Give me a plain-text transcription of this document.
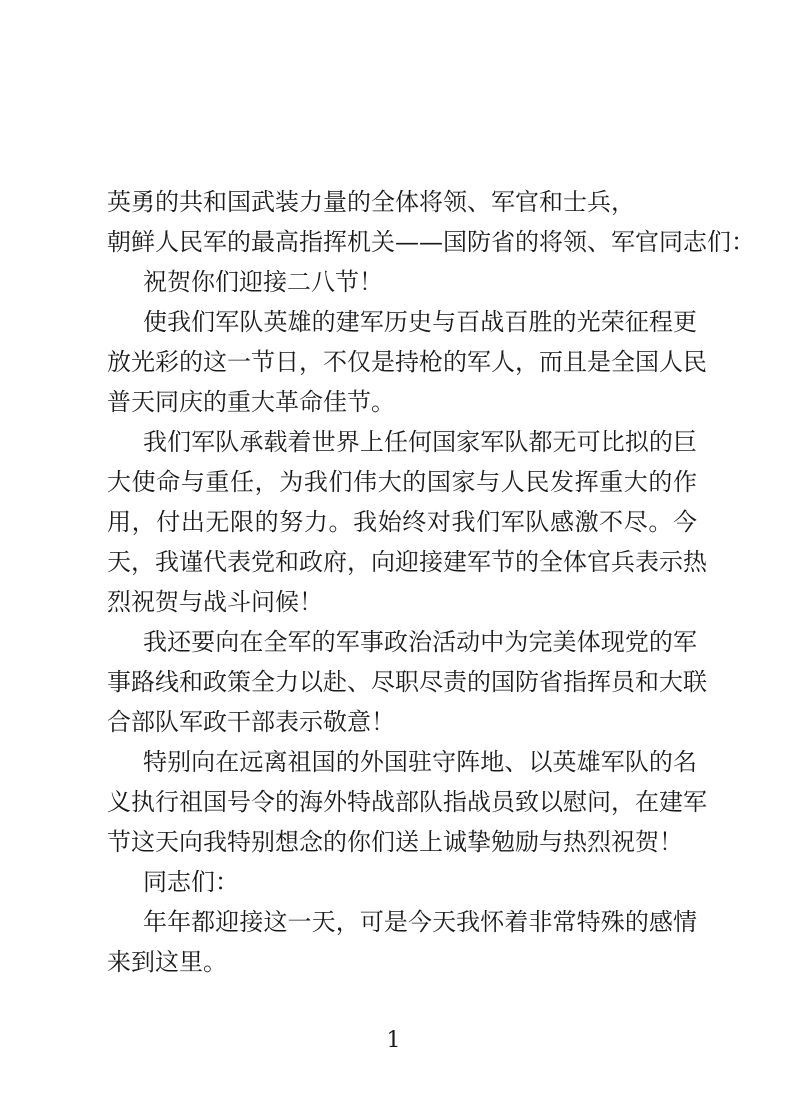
英勇的共和国武装力量的全体将领、军官和士兵，
朝鲜人民军的最高指挥机关——国防省的将领、军官同志们：
祝贺你们迎接二八节！
使我们军队英雄的建军历史与百战百胜的光荣征程更
放光彩的这一节日，不仅是持枪的军人，而且是全国人民
普天同庆的重大革命佳节。
我们军队承载着世界上任何国家军队都无可比拟的巨
大使命与重任，为我们伟大的国家与人民发挥重大的作
用，付出无限的努力。我始终对我们军队感激不尽。今
天，我谨代表党和政府，向迎接建军节的全体官兵表示热
烈祝贺与战斗问候！
我还要向在全军的军事政治活动中为完美体现党的军
事路线和政策全力以赴、尽职尽责的国防省指挥员和大联
合部队军政干部表示敬意！
特别向在远离祖国的外国驻守阵地、以英雄军队的名
义执行祖国号令的海外特战部队指战员致以慰问，在建军
节这天向我特别想念的你们送上诚挚勉励与热烈祝贺！
同志们：
年年都迎接这一天，可是今天我怀着非常特殊的感情
来到这里。
1
